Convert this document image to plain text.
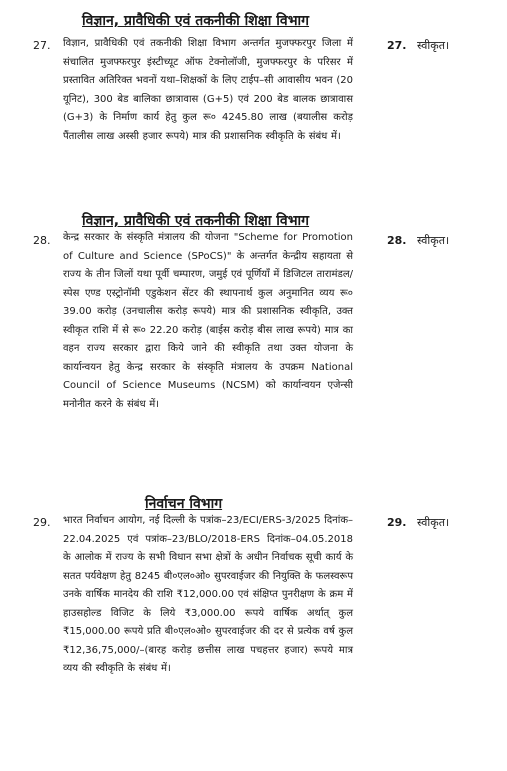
विज्ञान, प्रावैधिकी एवं तकनीकी शिक्षा विभाग
27. विज्ञान, प्रावैधिकी एवं तकनीकी शिक्षा विभाग अन्तर्गत मुजफ्फरपुर जिला में संचालित मुजफ्फरपुर इंस्टीच्यूट ऑफ टेक्नोलॉजी, मुजफ्फरपुर के परिसर में प्रस्तावित अतिरिक्त भवनों यथा–शिक्षकों के लिए टाईप–सी आवासीय भवन (20 यूनिट), 300 बेड बालिका छात्रावास (G+5) एवं 200 बेड बालक छात्रावास (G+3) के निर्माण कार्य हेतु कुल रू० 4245.80 लाख (बयालीस करोड़ पैंतालीस लाख अस्सी हजार रूपये) मात्र की प्रशासनिक स्वीकृति के संबंध में।
27. स्वीकृत।
विज्ञान, प्रावैधिकी एवं तकनीकी शिक्षा विभाग
28. केन्द्र सरकार के संस्कृति मंत्रालय की योजना "Scheme for Promotion of Culture and Science (SPoCS)" के अन्तर्गत केन्द्रीय सहायता से राज्य के तीन जिलों यथा पूर्वी चम्पारण, जमुई एवं पूर्णियाँ में डिजिटल तारामंडल/स्पेस एण्ड एस्ट्रोनॉमी एडुकेशन सेंटर की स्थापनार्थ कुल अनुमानित व्यय रू० 39.00 करोड़ (उनचालीस करोड़ रूपये) मात्र की प्रशासनिक स्वीकृति, उक्त स्वीकृत राशि में से रू० 22.20 करोड़ (बाईस करोड़ बीस लाख रूपये) मात्र का वहन राज्य सरकार द्वारा किये जाने की स्वीकृति तथा उक्त योजना के कार्यान्वयन हेतु केन्द्र सरकार के संस्कृति मंत्रालय के उपक्रम National Council of Science Museums (NCSM) को कार्यान्वयन एजेन्सी मनोनीत करने के संबंध में।
28. स्वीकृत।
निर्वाचन विभाग
29. भारत निर्वाचन आयोग, नई दिल्ली के पत्रांक–23/ECI/ERS-3/2025 दिनांक–22.04.2025 एवं पत्रांक–23/BLO/2018-ERS दिनांक–04.05.2018 के आलोक में राज्य के सभी विधान सभा क्षेत्रों के अधीन निर्वाचक सूची कार्य के सतत पर्यवेक्षण हेतु 8245 बी०एल०ओ० सुपरवाईजर की नियुक्ति के फलस्वरूप उनके वार्षिक मानदेय की राशि ₹12,000.00 एवं संक्षिप्त पुनरीक्षण के क्रम में हाउसहोल्ड विजिट के लिये ₹3,000.00 रूपये वार्षिक अर्थात् कुल ₹15,000.00 रूपये प्रति बी०एल०ओ० सुपरवाईजर की दर से प्रत्येक वर्ष कुल ₹12,36,75,000/–(बारह करोड़ छत्तीस लाख पचहत्तर हजार) रूपये मात्र व्यय की स्वीकृति के संबंध में।
29. स्वीकृत।
